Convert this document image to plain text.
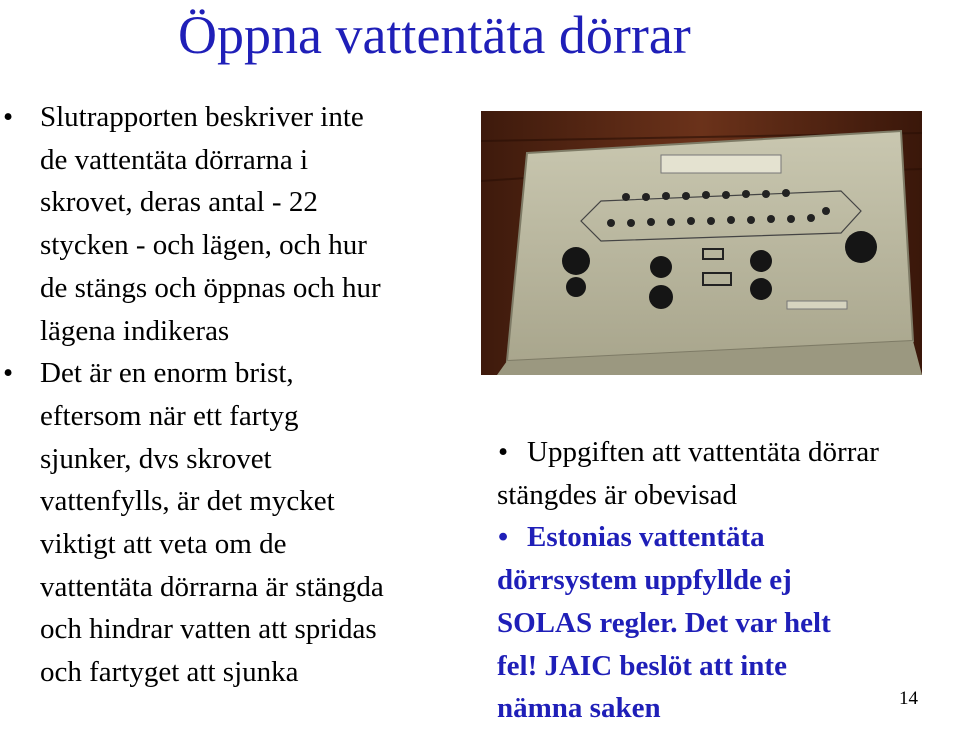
Öppna vattentäta dörrar
• Slutrapporten beskriver inte
de vattentäta dörrarna i
skrovet, deras antal - 22
stycken - och lägen, och hur
de stängs och öppnas och hur
lägena indikeras
• Det är en enorm brist,
eftersom när ett fartyg
sjunker, dvs skrovet
vattenfylls, är det mycket
viktigt att veta om de
vattentäta dörrarna är stängda
och hindrar vatten att spridas
och fartyget att sjunka
• Uppgiften att vattentäta dörrar
stängdes är obevisad
• Estonias vattentäta
dörrsystem uppfyllde ej
SOLAS regler. Det var helt
fel! JAIC beslöt att inte
nämna saken	14
